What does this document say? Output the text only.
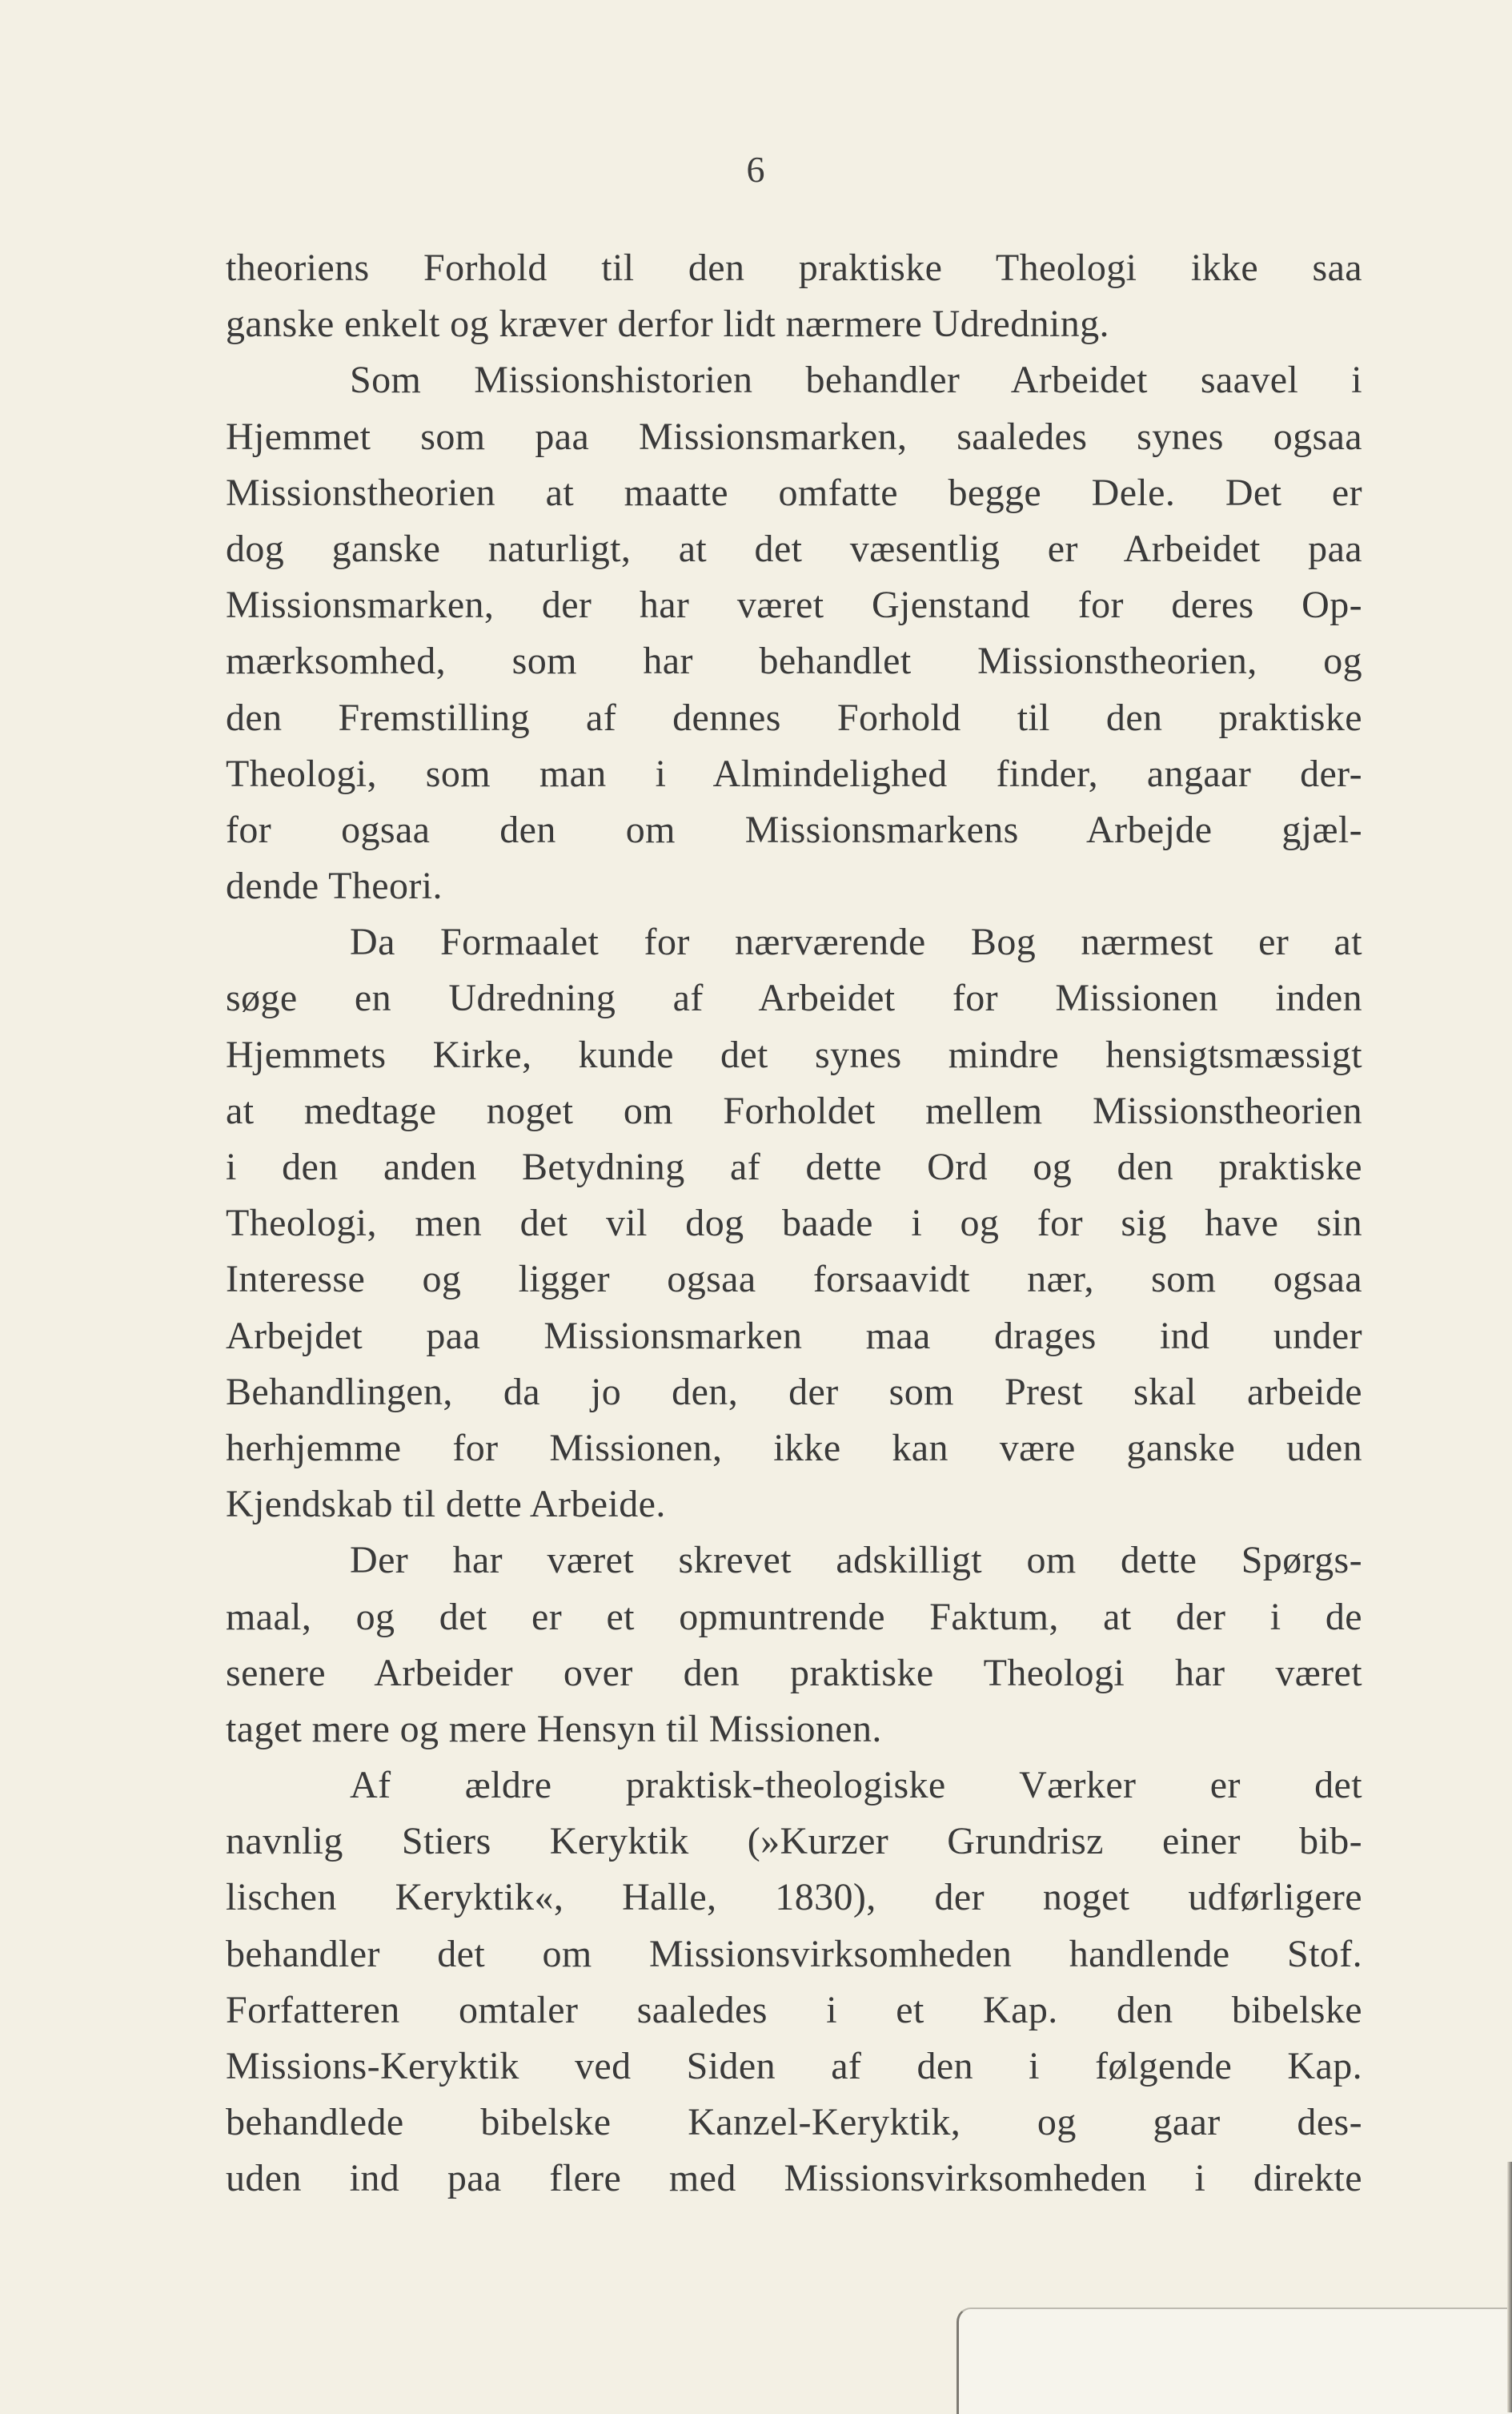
6
theoriens Forhold til den praktiske Theologi ikke saa
ganske enkelt og kræver derfor lidt nærmere Udredning.
Som Missionshistorien behandler Arbeidet saavel i
Hjemmet som paa Missionsmarken, saaledes synes ogsaa
Missionstheorien at maatte omfatte begge Dele. Det er
dog ganske naturligt, at det væsentlig er Arbeidet paa
Missionsmarken, der har været Gjenstand for deres Op-
mærksomhed, som har behandlet Missionstheorien, og
den Fremstilling af dennes Forhold til den praktiske
Theologi, som man i Almindelighed finder, angaar der-
for ogsaa den om Missionsmarkens Arbejde gjæl-
dende Theori.
Da Formaalet for nærværende Bog nærmest er at
søge en Udredning af Arbeidet for Missionen inden
Hjemmets Kirke, kunde det synes mindre hensigtsmæssigt
at medtage noget om Forholdet mellem Missionstheorien
i den anden Betydning af dette Ord og den praktiske
Theologi, men det vil dog baade i og for sig have sin
Interesse og ligger ogsaa forsaavidt nær, som ogsaa
Arbejdet paa Missionsmarken maa drages ind under
Behandlingen, da jo den, der som Prest skal arbeide
herhjemme for Missionen, ikke kan være ganske uden
Kjendskab til dette Arbeide.
Der har været skrevet adskilligt om dette Spørgs-
maal, og det er et opmuntrende Faktum, at der i de
senere Arbeider over den praktiske Theologi har været
taget mere og mere Hensyn til Missionen.
Af ældre praktisk-theologiske Værker er det
navnlig Stiers Keryktik (»Kurzer Grundrisz einer bib-
lischen Keryktik«, Halle, 1830), der noget udførligere
behandler det om Missionsvirksomheden handlende Stof.
Forfatteren omtaler saaledes i et Kap. den bibelske
Missions-Keryktik ved Siden af den i følgende Kap.
behandlede bibelske Kanzel-Keryktik, og gaar des-
uden ind paa flere med Missionsvirksomheden i direkte
